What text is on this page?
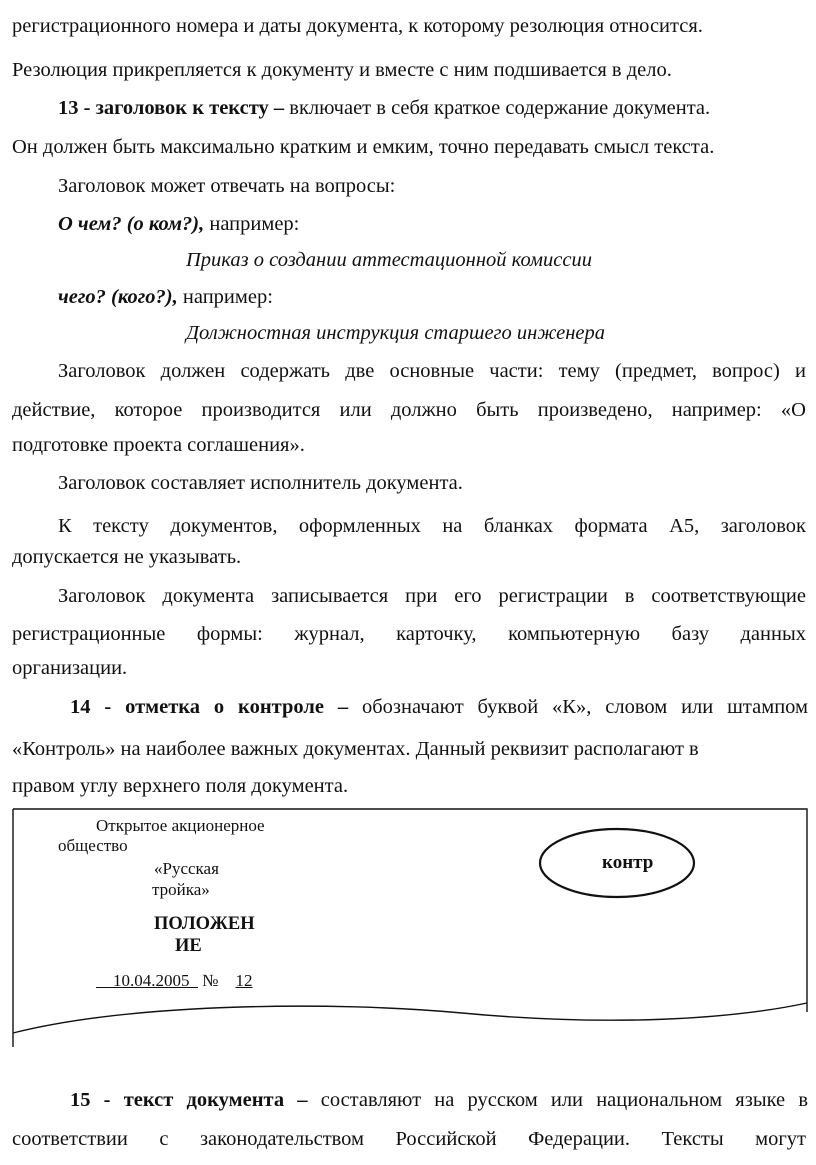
регистрационного номера и даты документа, к которому резолюция относится.
Резолюция прикрепляется к документу и вместе с ним подшивается в дело.
13 - заголовок к тексту – включает в себя краткое содержание документа.
Он должен быть максимально кратким и емким, точно передавать смысл текста.
Заголовок может отвечать на вопросы:
О чем? (о ком?), например:
Приказ о создании аттестационной комиссии
чего? (кого?), например:
Должностная инструкция старшего инженера
Заголовок должен содержать две основные части: тему (предмет, вопрос) и
действие, которое производится или должно быть произведено, например: «О
подготовке проекта соглашения».
Заголовок составляет исполнитель документа.
К текстy документов, оформленных на бланках формата А5, заголовок
допускается не указывать.
Заголовок документа записывается при его регистрации в соответствующие
регистрационные формы: журнал, карточку, компьютерную базу данных
организации.
14 - отметка о контроле – обозначают буквой «К», словом или штампом
«Контроль» на наиболее важных документах. Данный реквизит располагают в
правом углу верхнего поля документа.
Открытое акционерное
общество
«Русская
тройка»
ПОЛОЖЕН
ИЕ
10.04.2005 № 12
контр
15 - текст документа – составляют на русском или национальном языке в
соответствии с законодательством Российской Федерации. Тексты могут
